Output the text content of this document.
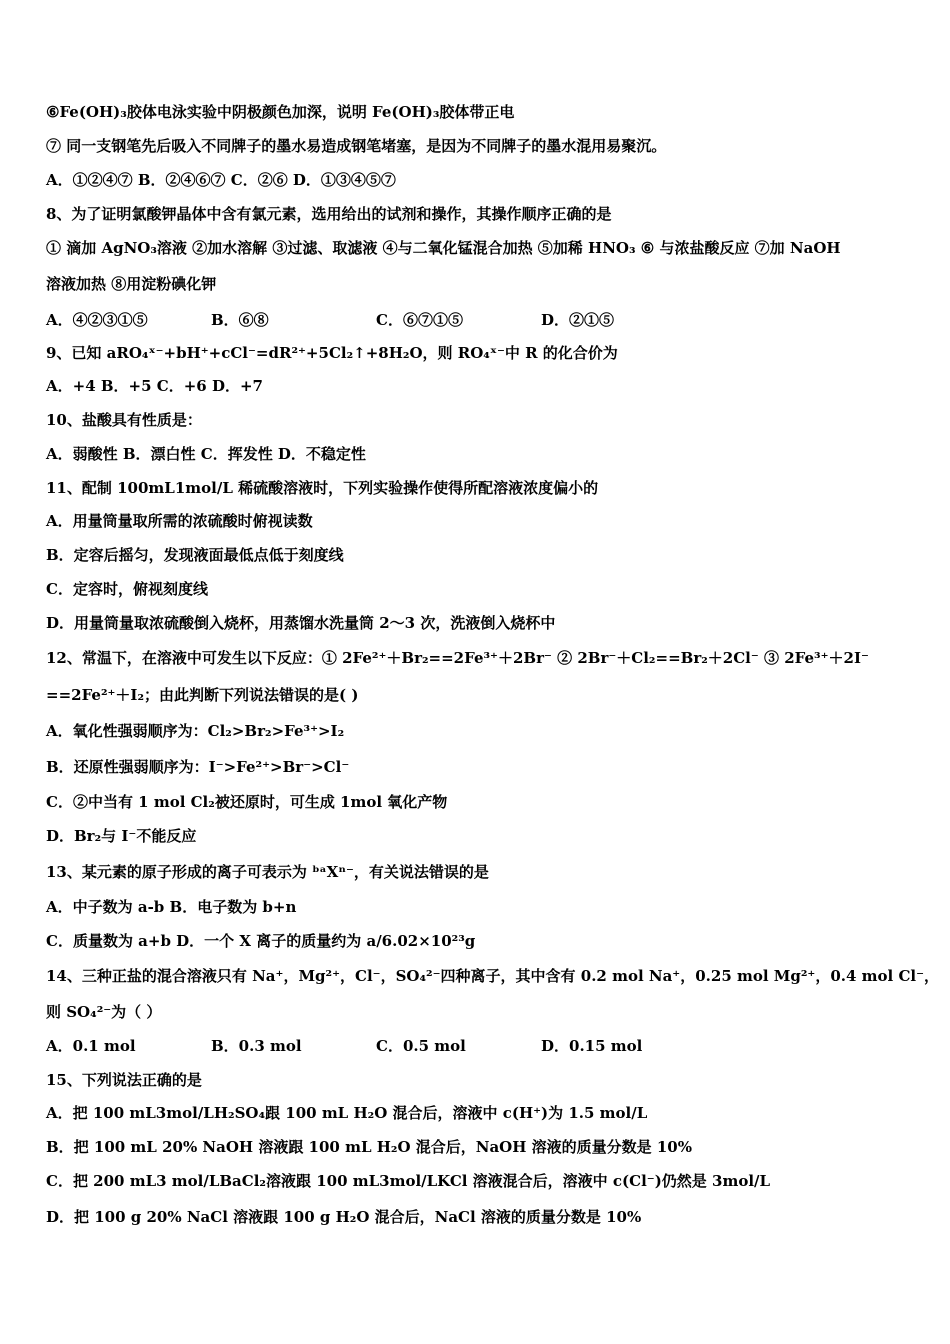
⑥Fe(OH)₃胶体电泳实验中阴极颜色加深，说明 Fe(OH)₃胶体带正电
⑦ 同一支钢笔先后吸入不同牌子的墨水易造成钢笔堵塞，是因为不同牌子的墨水混用易聚沉。
A．①②④⑦ B．②④⑥⑦ C．②⑥ D．①③④⑤⑦
8、为了证明氯酸钾晶体中含有氯元素，选用给出的试剂和操作，其操作顺序正确的是
① 滴加 AgNO₃溶液 ②加水溶解 ③过滤、取滤液 ④与二氧化锰混合加热 ⑤加稀 HNO₃ ⑥ 与浓盐酸反应 ⑦加 NaOH
溶液加热 ⑧用淀粉碘化钾
A．④②③①⑤	B．⑥⑧	C．⑥⑦①⑤	D．②①⑤
9、已知 aRO₄ˣ⁻+bH⁺+cCl⁻=dR²⁺+5Cl₂↑+8H₂O，则 RO₄ˣ⁻中 R 的化合价为
A．+4 B．+5 C．+6 D．+7
10、盐酸具有性质是：
A．弱酸性 B．漂白性 C．挥发性 D．不稳定性
11、配制 100mL1mol/L 稀硫酸溶液时，下列实验操作使得所配溶液浓度偏小的
A．用量筒量取所需的浓硫酸时俯视读数
B．定容后摇匀，发现液面最低点低于刻度线
C．定容时，俯视刻度线
D．用量筒量取浓硫酸倒入烧杯，用蒸馏水洗量筒 2～3 次，洗液倒入烧杯中
12、常温下，在溶液中可发生以下反应：① 2Fe²⁺＋Br₂==2Fe³⁺＋2Br⁻ ② 2Br⁻＋Cl₂==Br₂＋2Cl⁻ ③ 2Fe³⁺＋2I⁻
==2Fe²⁺＋I₂；由此判断下列说法错误的是( )
A．氧化性强弱顺序为：Cl₂>Br₂>Fe³⁺>I₂
B．还原性强弱顺序为：I⁻>Fe²⁺>Br⁻>Cl⁻
C．②中当有 1 mol Cl₂被还原时，可生成 1mol 氧化产物
D．Br₂与 I⁻不能反应
13、某元素的原子形成的离子可表示为 ᵇᵃXⁿ⁻，有关说法错误的是
A．中子数为 a-b B．电子数为 b+n
C．质量数为 a+b D．一个 X 离子的质量约为 a/6.02×10²³g
14、三种正盐的混合溶液只有 Na⁺，Mg²⁺，Cl⁻，SO₄²⁻四种离子，其中含有 0.2 mol Na⁺，0.25 mol Mg²⁺，0.4 mol Cl⁻，
则 SO₄²⁻为（ ）
A．0.1 mol	B．0.3 mol	C．0.5 mol	D．0.15 mol
15、下列说法正确的是
A．把 100 mL3mol/LH₂SO₄跟 100 mL H₂O 混合后，溶液中 c(H⁺)为 1.5 mol/L
B．把 100 mL 20% NaOH 溶液跟 100 mL H₂O 混合后，NaOH 溶液的质量分数是 10%
C．把 200 mL3 mol/LBaCl₂溶液跟 100 mL3mol/LKCl 溶液混合后，溶液中 c(Cl⁻)仍然是 3mol/L
D．把 100 g 20% NaCl 溶液跟 100 g H₂O 混合后，NaCl 溶液的质量分数是 10%
